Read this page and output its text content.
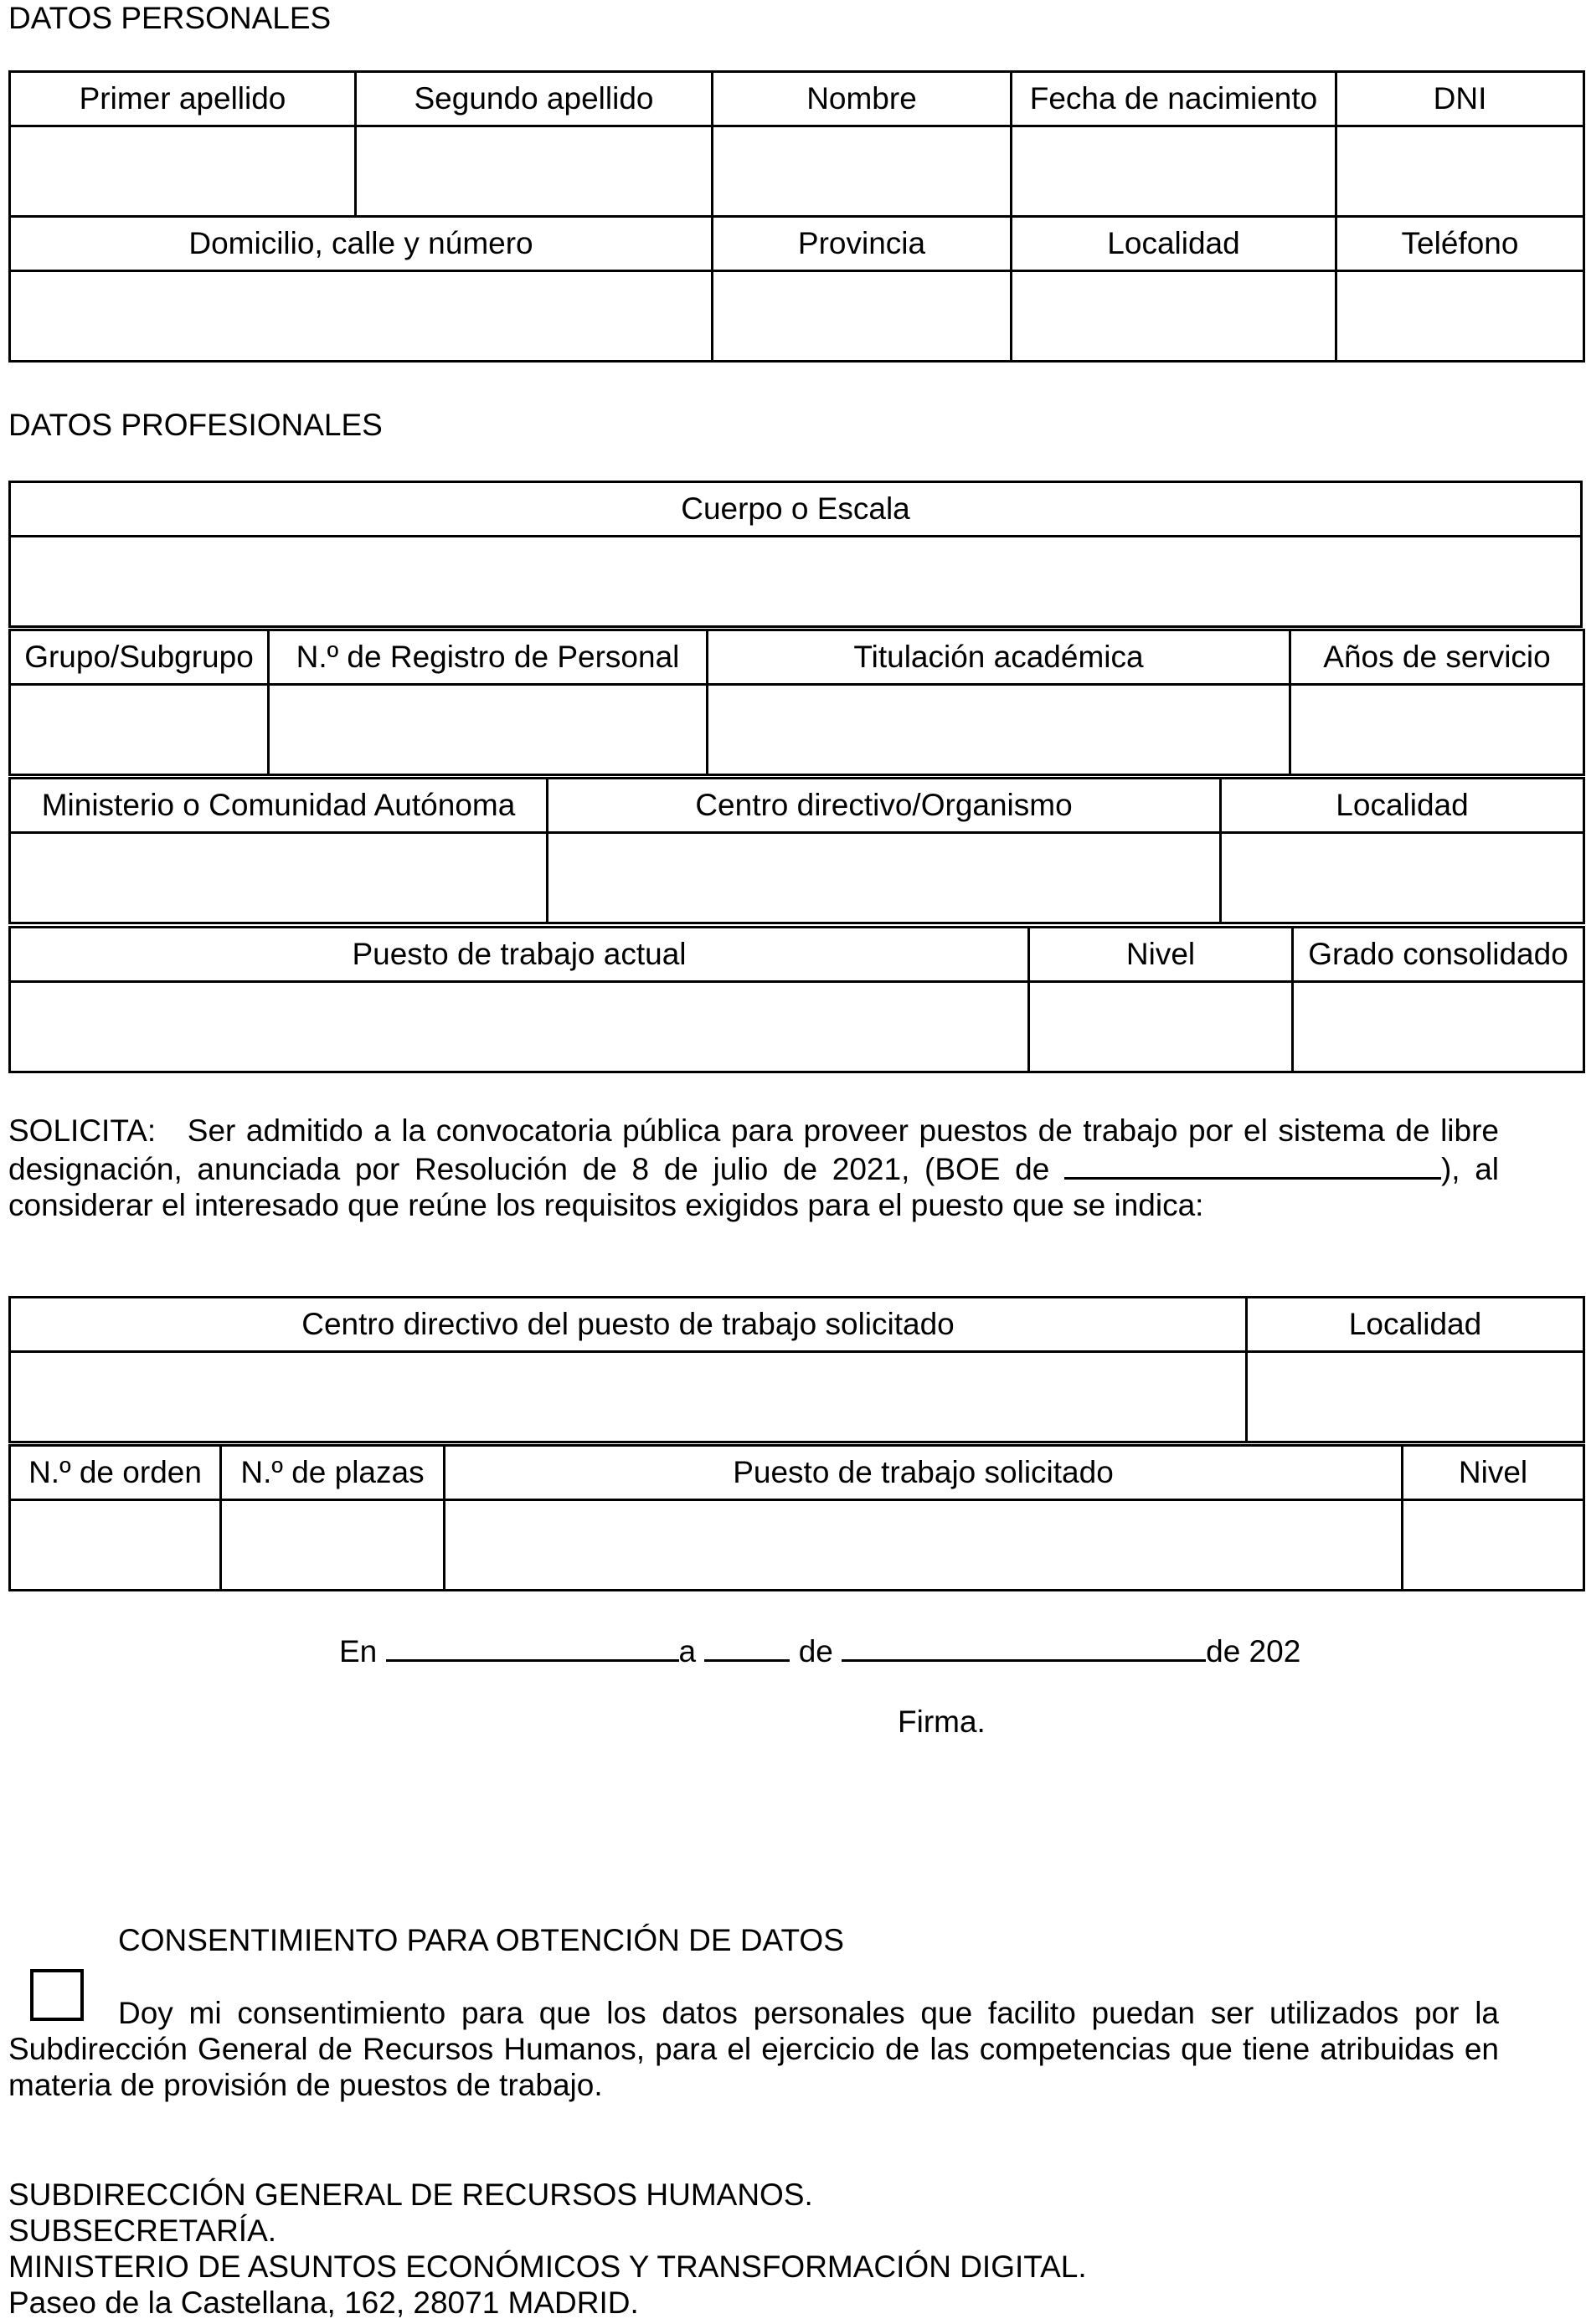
DATOS PERSONALES
Primer apellido	Segundo apellido	Nombre	Fecha de nacimiento	DNI

Domicilio, calle y número		Provincia	Localidad	Teléfono

DATOS PROFESIONALES
Cuerpo o Escala

Grupo/Subgrupo	N.º de Registro de Personal	Titulación académica	Años de servicio

Ministerio o Comunidad Autónoma	Centro directivo/Organismo	Localidad

Puesto de trabajo actual	Nivel	Grado consolidado

SOLICITA: Ser admitido a la convocatoria pública para proveer puestos de trabajo por el sistema de libre designación, anunciada por Resolución de 8 de julio de 2021, (BOE de	), al considerar el interesado que reúne los requisitos exigidos para el puesto que se indica:
Centro directivo del puesto de trabajo solicitado	Localidad

N.º de orden	N.º de plazas	Puesto de trabajo solicitado	Nivel

En	a	de	de 202
Firma.
CONSENTIMIENTO PARA OBTENCIÓN DE DATOS
Doy mi consentimiento para que los datos personales que facilito puedan ser utilizados por la Subdirección General de Recursos Humanos, para el ejercicio de las competencias que tiene atribuidas en materia de provisión de puestos de trabajo.
SUBDIRECCIÓN GENERAL DE RECURSOS HUMANOS.
SUBSECRETARÍA.
MINISTERIO DE ASUNTOS ECONÓMICOS Y TRANSFORMACIÓN DIGITAL.
Paseo de la Castellana, 162, 28071 MADRID.
